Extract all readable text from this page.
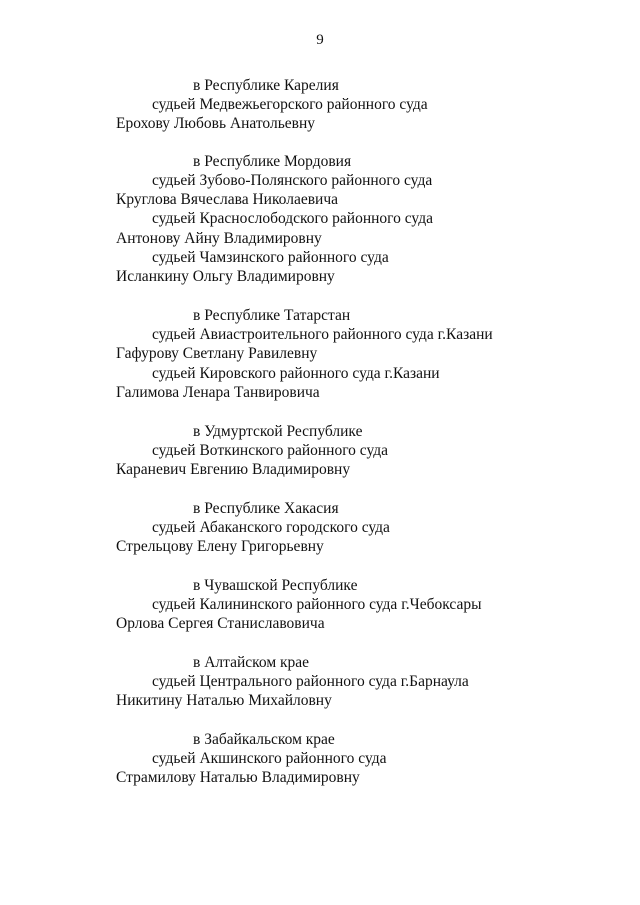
9
в Республике Карелия
судьей Медвежьегорского районного суда
Ерохову Любовь Анатольевну
в Республике Мордовия
судьей Зубово-Полянского районного суда
Круглова Вячеслава Николаевича
судьей Краснослободского районного суда
Антонову Айну Владимировну
судьей Чамзинского районного суда
Исланкину Ольгу Владимировну
в Республике Татарстан
судьей Авиастроительного районного суда г.Казани
Гафурову Светлану Равилевну
судьей Кировского районного суда г.Казани
Галимова Ленара Танвировича
в Удмуртской Республике
судьей Воткинского районного суда
Караневич Евгению Владимировну
в Республике Хакасия
судьей Абаканского городского суда
Стрельцову Елену Григорьевну
в Чувашской Республике
судьей Калининского районного суда г.Чебоксары
Орлова Сергея Станиславовича
в Алтайском крае
судьей Центрального районного суда г.Барнаула
Никитину Наталью Михайловну
в Забайкальском крае
судьей Акшинского районного суда
Страмилову Наталью Владимировну
